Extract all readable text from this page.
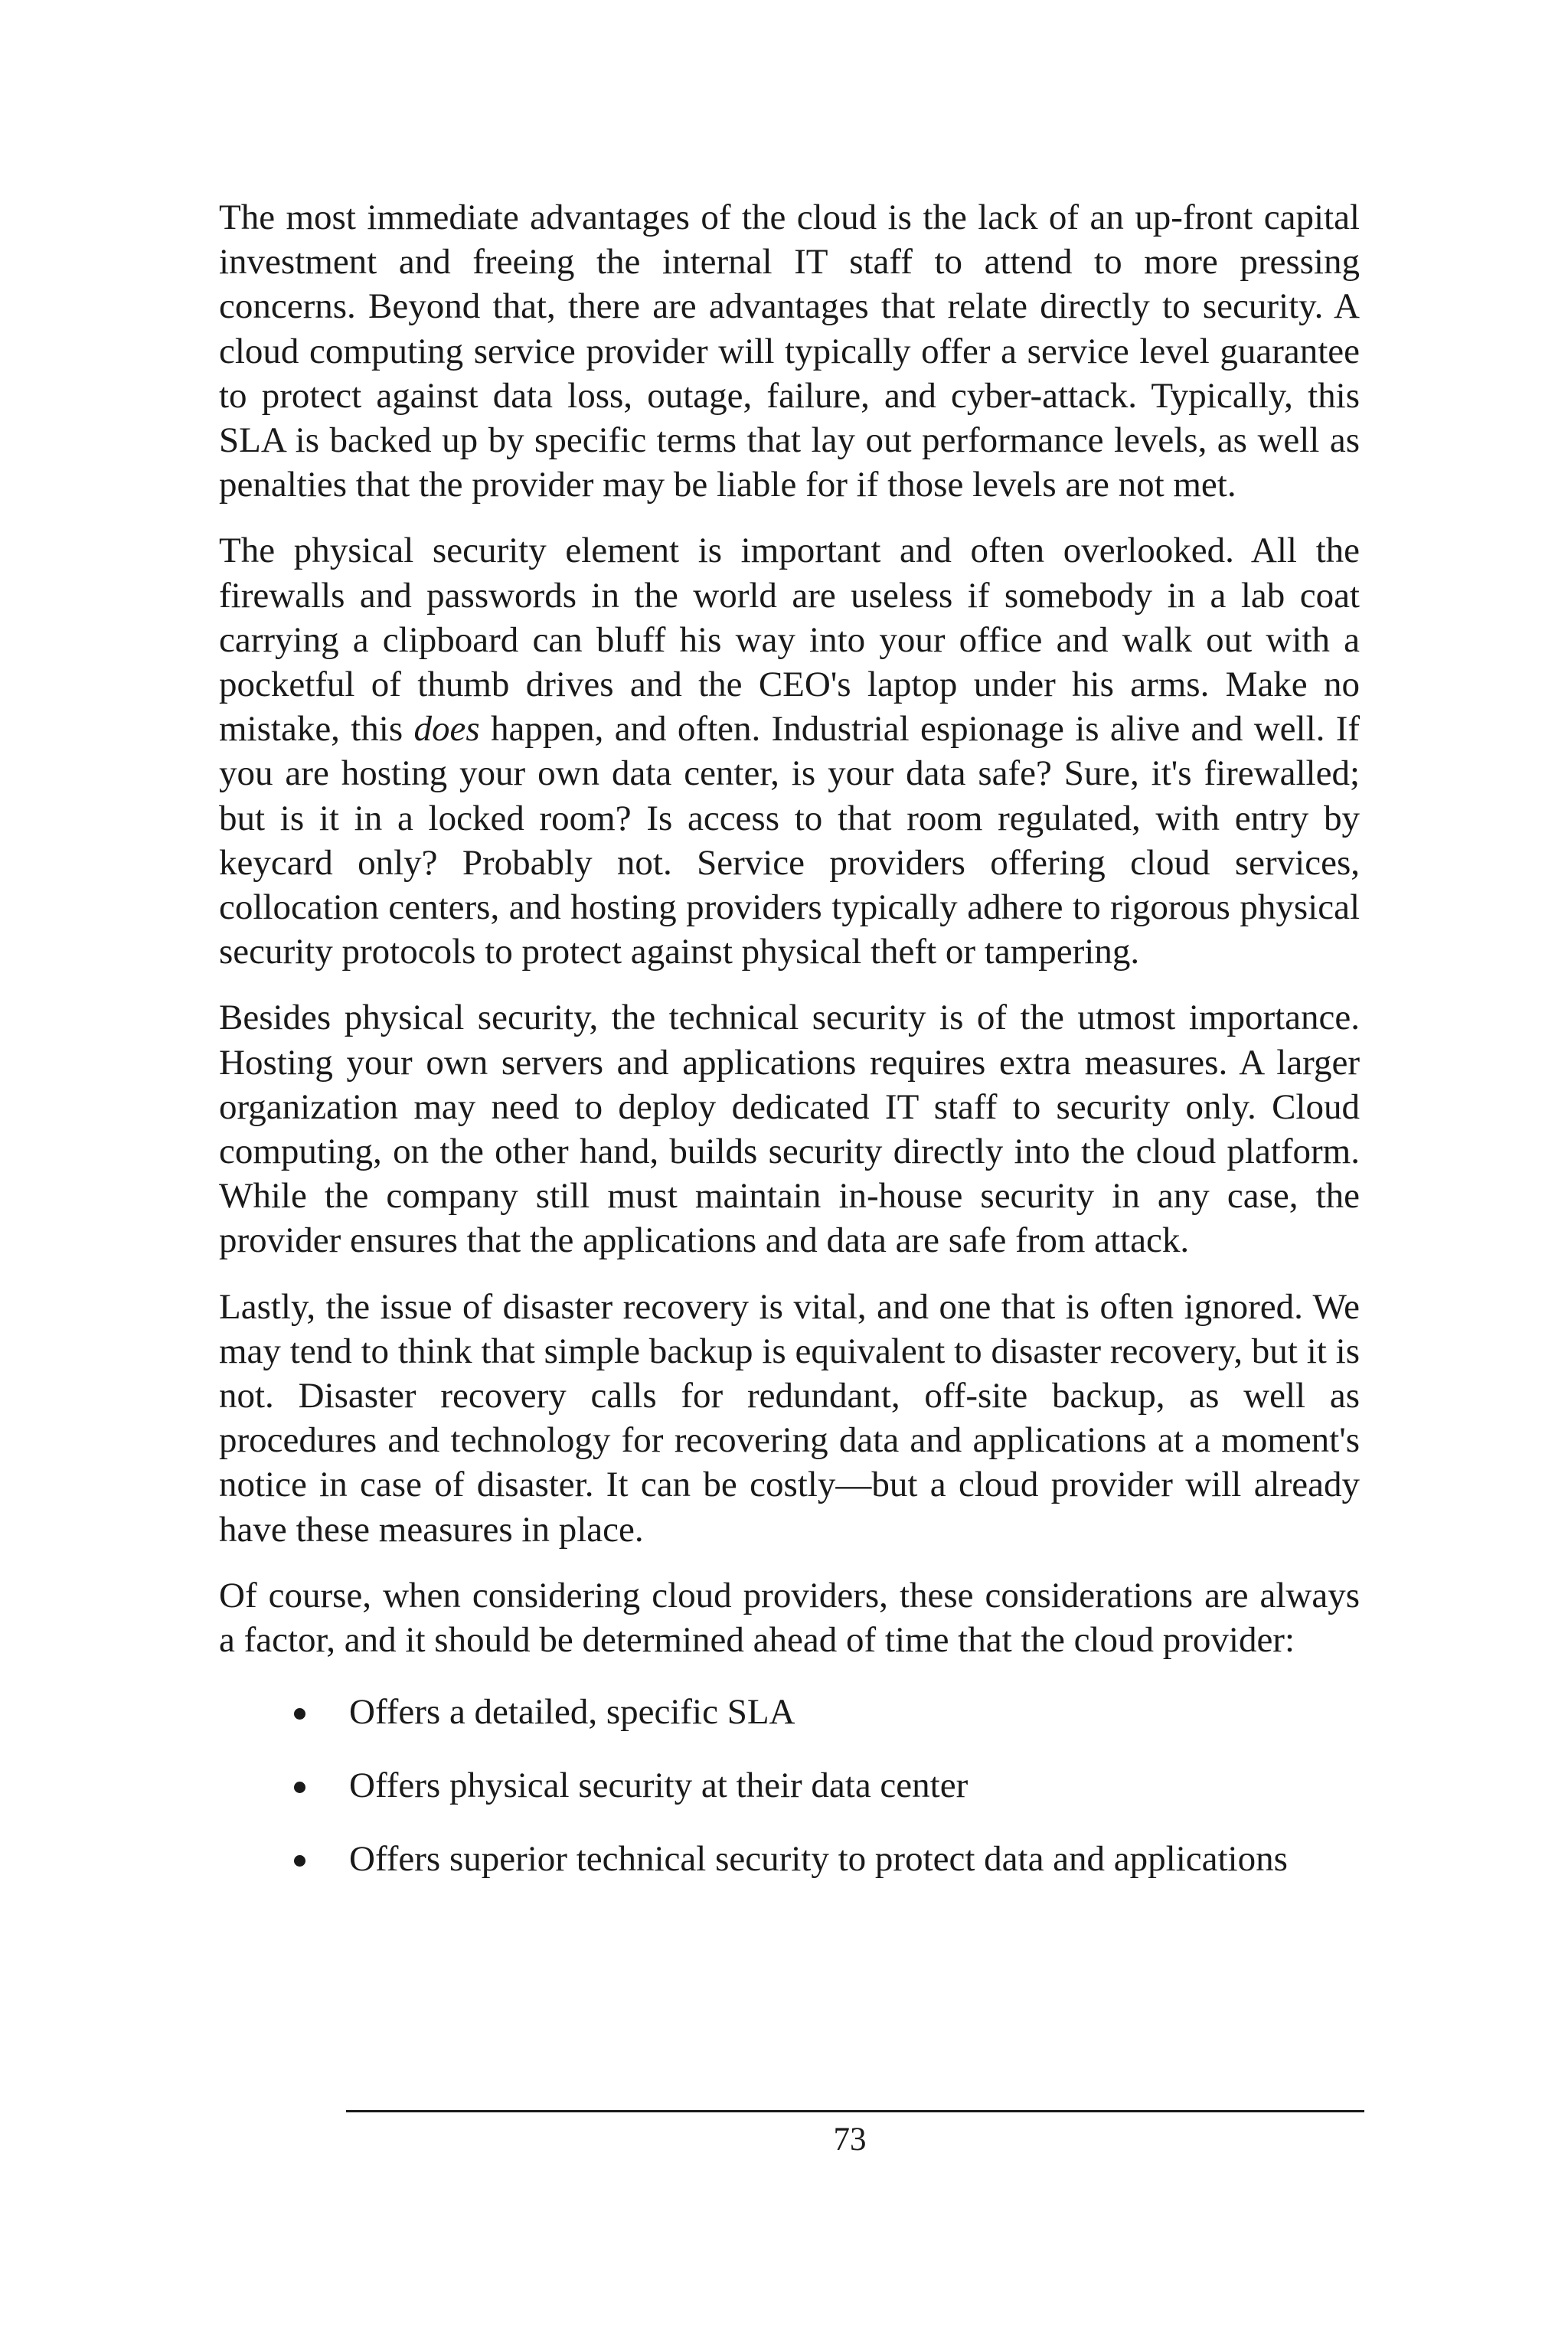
The most immediate advantages of the cloud is the lack of an up-front capital investment and freeing the internal IT staff to attend to more pressing concerns. Beyond that, there are advantages that relate directly to security. A cloud computing service provider will typically offer a service level guarantee to protect against data loss, outage, failure, and cyber-attack. Typically, this SLA is backed up by specific terms that lay out performance levels, as well as penalties that the provider may be liable for if those levels are not met.

The physical security element is important and often overlooked. All the firewalls and passwords in the world are useless if somebody in a lab coat carrying a clipboard can bluff his way into your office and walk out with a pocketful of thumb drives and the CEO's laptop under his arms. Make no mistake, this does happen, and often. Industrial espionage is alive and well. If you are hosting your own data center, is your data safe? Sure, it's firewalled; but is it in a locked room? Is access to that room regulated, with entry by keycard only? Probably not. Service providers offering cloud services, collocation centers, and hosting providers typically adhere to rigorous physical security protocols to protect against physical theft or tampering.

Besides physical security, the technical security is of the utmost importance. Hosting your own servers and applications requires extra measures. A larger organization may need to deploy dedicated IT staff to security only. Cloud computing, on the other hand, builds security directly into the cloud platform. While the company still must maintain in-house security in any case, the provider ensures that the applications and data are safe from attack.

Lastly, the issue of disaster recovery is vital, and one that is often ignored. We may tend to think that simple backup is equivalent to disaster recovery, but it is not. Disaster recovery calls for redundant, off-site backup, as well as procedures and technology for recovering data and applications at a moment's notice in case of disaster. It can be costly—but a cloud provider will already have these measures in place.

Of course, when considering cloud providers, these considerations are always a factor, and it should be determined ahead of time that the cloud provider:

Offers a detailed, specific SLA
Offers physical security at their data center
Offers superior technical security to protect data and applications
73
